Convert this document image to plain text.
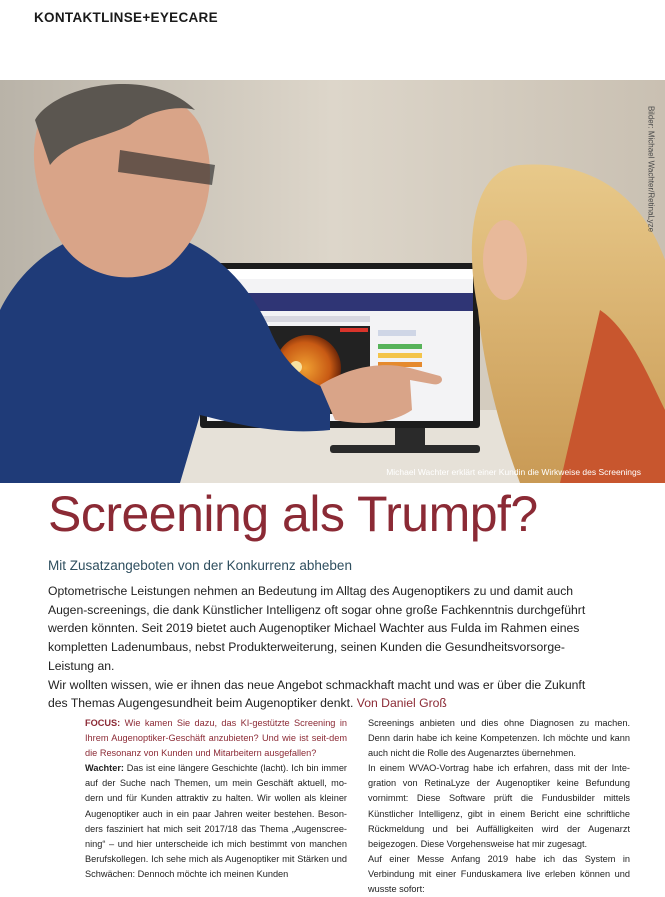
KONTAKTLINSE+EYECARE
Michael Wachter erklärt einer Kundin die Wirkweise des Screenings
Bilder: Michael Wachter/RetinaLyze
Screening als Trumpf?
Mit Zusatzangeboten von der Konkurrenz abheben

Optometrische Leistungen nehmen an Bedeutung im Alltag des Augenoptikers zu und damit auch Augen-screenings, die dank Künstlicher Intelligenz oft sogar ohne große Fachkenntnis durchgeführt werden könnten. Seit 2019 bietet auch Augenoptiker Michael Wachter aus Fulda im Rahmen eines kompletten Ladenumbaus, nebst Produkterweiterung, seinen Kunden die Gesundheitsvorsorge-Leistung an.

Wir wollten wissen, wie er ihnen das neue Angebot schmackhaft macht und was er über die Zukunft des Themas Augengesundheit beim Augenoptiker denkt. Von Daniel Groß

FOCUS: Wie kamen Sie dazu, das KI-gestützte Screening in Ihrem Augenoptiker-Geschäft anzubieten? Und wie ist seit-dem die Resonanz von Kunden und Mitarbeitern ausgefallen?

Wachter: Das ist eine längere Geschichte (lacht). Ich bin immer auf der Suche nach Themen, um mein Geschäft aktuell, mo-dern und für Kunden attraktiv zu halten. Wir wollen als kleiner Augenoptiker auch in ein paar Jahren weiter bestehen. Beson-ders fasziniert hat mich seit 2017/18 das Thema „Augenscree-ning“ – und hier unterscheide ich mich bestimmt von manchen Berufskollegen. Ich sehe mich als Augenoptiker mit Stärken und Schwächen: Dennoch möchte ich meinen Kunden

Screenings anbieten und dies ohne Diagnosen zu machen. Denn darin habe ich keine Kompetenzen. Ich möchte und kann auch nicht die Rolle des Augenarztes übernehmen.

In einem WVAO-Vortrag habe ich erfahren, dass mit der Inte-gration von RetinaLyze der Augenoptiker keine Befundung vornimmt: Diese Software prüft die Fundusbilder mittels Künstlicher Intelligenz, gibt in einem Bericht eine schriftliche Rückmeldung und bei Auffälligkeiten wird der Augenarzt beigezogen. Diese Vorgehensweise hat mir zugesagt.

Auf einer Messe Anfang 2019 habe ich das System in Verbindung mit einer Funduskamera live erleben können und wusste sofort:
